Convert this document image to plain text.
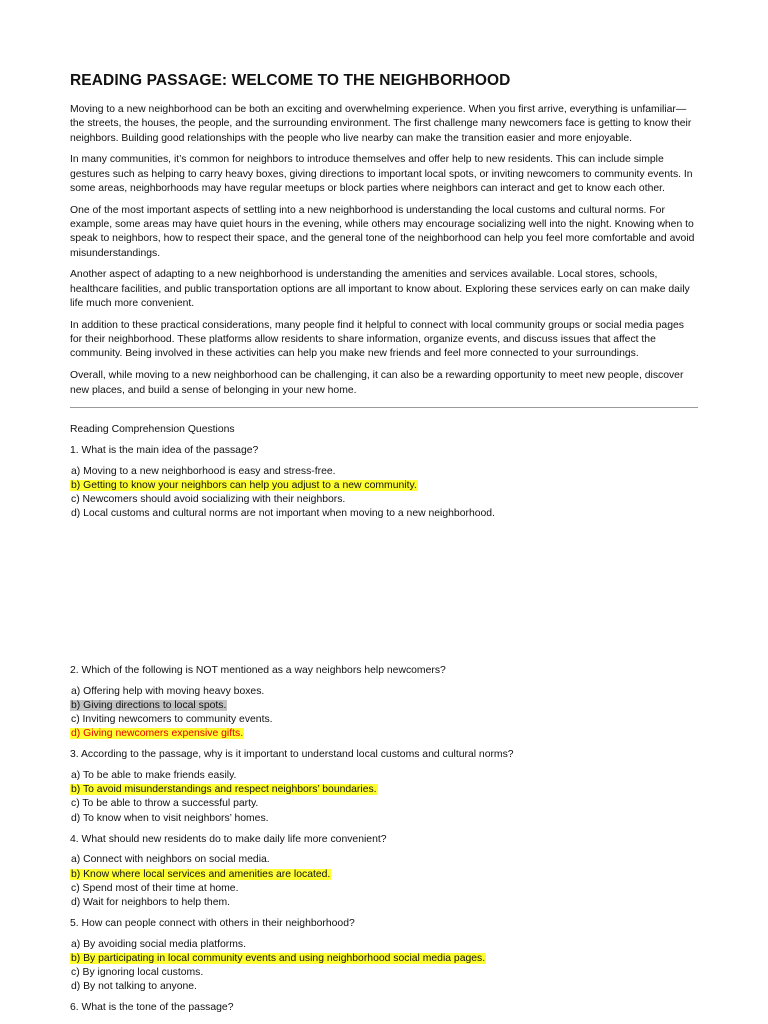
READING PASSAGE: WELCOME TO THE NEIGHBORHOOD

Moving to a new neighborhood can be both an exciting and overwhelming experience. When you first arrive, everything is unfamiliar—the streets, the houses, the people, and the surrounding environment. The first challenge many newcomers face is getting to know their neighbors. Building good relationships with the people who live nearby can make the transition easier and more enjoyable.

In many communities, it’s common for neighbors to introduce themselves and offer help to new residents. This can include simple gestures such as helping to carry heavy boxes, giving directions to important local spots, or inviting newcomers to community events. In some areas, neighborhoods may have regular meetups or block parties where neighbors can interact and get to know each other.

One of the most important aspects of settling into a new neighborhood is understanding the local customs and cultural norms. For example, some areas may have quiet hours in the evening, while others may encourage socializing well into the night. Knowing when to speak to neighbors, how to respect their space, and the general tone of the neighborhood can help you feel more comfortable and avoid misunderstandings.

Another aspect of adapting to a new neighborhood is understanding the amenities and services available. Local stores, schools, healthcare facilities, and public transportation options are all important to know about. Exploring these services early on can make daily life much more convenient.

In addition to these practical considerations, many people find it helpful to connect with local community groups or social media pages for their neighborhood. These platforms allow residents to share information, organize events, and discuss issues that affect the community. Being involved in these activities can help you make new friends and feel more connected to your surroundings.

Overall, while moving to a new neighborhood can be challenging, it can also be a rewarding opportunity to meet new people, discover new places, and build a sense of belonging in your new home.

Reading Comprehension Questions

1. What is the main idea of the passage?

a) Moving to a new neighborhood is easy and stress-free.

b) Getting to know your neighbors can help you adjust to a new community.

c) Newcomers should avoid socializing with their neighbors.

d) Local customs and cultural norms are not important when moving to a new neighborhood.

2. Which of the following is NOT mentioned as a way neighbors help newcomers?

a) Offering help with moving heavy boxes.

b) Giving directions to local spots.

c) Inviting newcomers to community events.

d) Giving newcomers expensive gifts.

3. According to the passage, why is it important to understand local customs and cultural norms?

a) To be able to make friends easily.

b) To avoid misunderstandings and respect neighbors’ boundaries.

c) To be able to throw a successful party.

d) To know when to visit neighbors’ homes.

4. What should new residents do to make daily life more convenient?

a) Connect with neighbors on social media.

b) Know where local services and amenities are located.

c) Spend most of their time at home.

d) Wait for neighbors to help them.

5. How can people connect with others in their neighborhood?

a) By avoiding social media platforms.

b) By participating in local community events and using neighborhood social media pages.

c) By ignoring local customs.

d) By not talking to anyone.

6. What is the tone of the passage?
